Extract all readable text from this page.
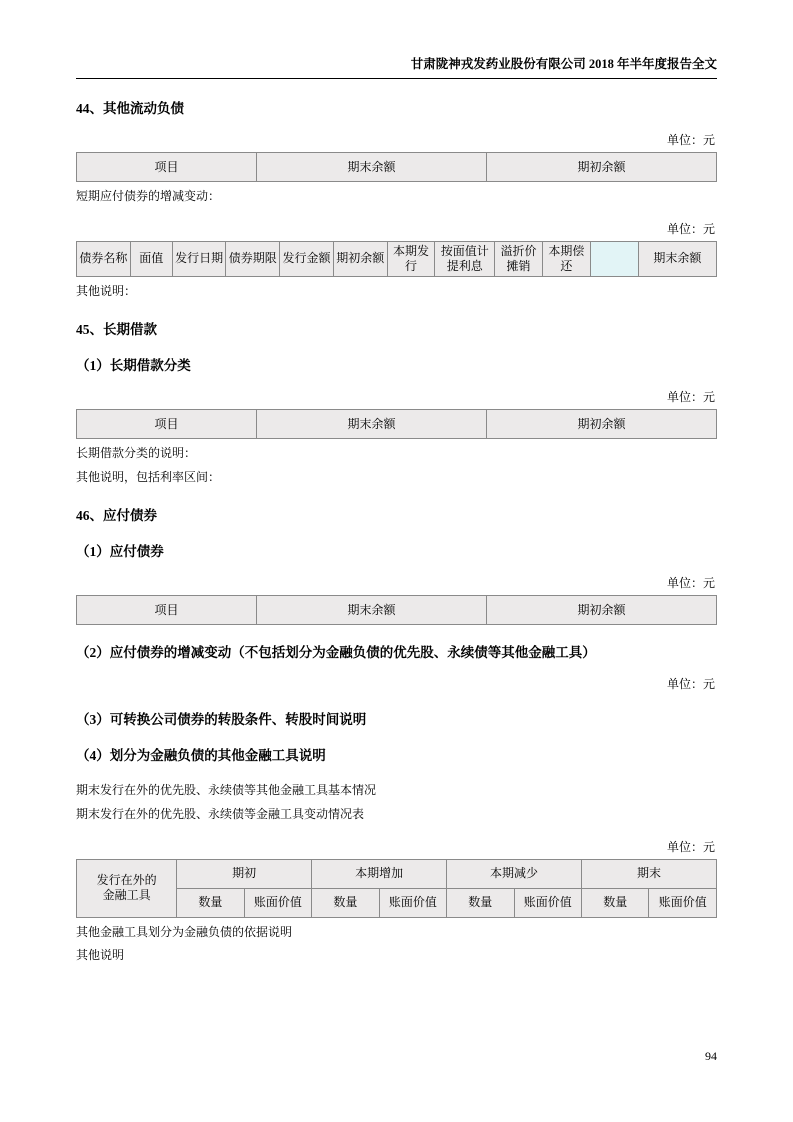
甘肃陇神戎发药业股份有限公司 2018 年半年度报告全文
44、其他流动负债
单位：元
项目	期末余额	期初余额
短期应付债券的增减变动：
单位：元
债券名称	面值	发行日期	债券期限	发行金额	期初余额	本期发行	按面值计提利息	溢折价摊销	本期偿还		期末余额
其他说明：
45、长期借款
（1）长期借款分类
单位：元
项目	期末余额	期初余额
长期借款分类的说明：
其他说明，包括利率区间：
46、应付债券
（1）应付债券
单位：元
项目	期末余额	期初余额
（2）应付债券的增减变动（不包括划分为金融负债的优先股、永续债等其他金融工具）
单位：元
（3）可转换公司债券的转股条件、转股时间说明
（4）划分为金融负债的其他金融工具说明
期末发行在外的优先股、永续债等其他金融工具基本情况
期末发行在外的优先股、永续债等金融工具变动情况表
单位：元
发行在外的
金融工具	期初		本期增加		本期减少		期末	
	数量	账面价值	数量	账面价值	数量	账面价值	数量	账面价值
其他金融工具划分为金融负债的依据说明
其他说明
94
